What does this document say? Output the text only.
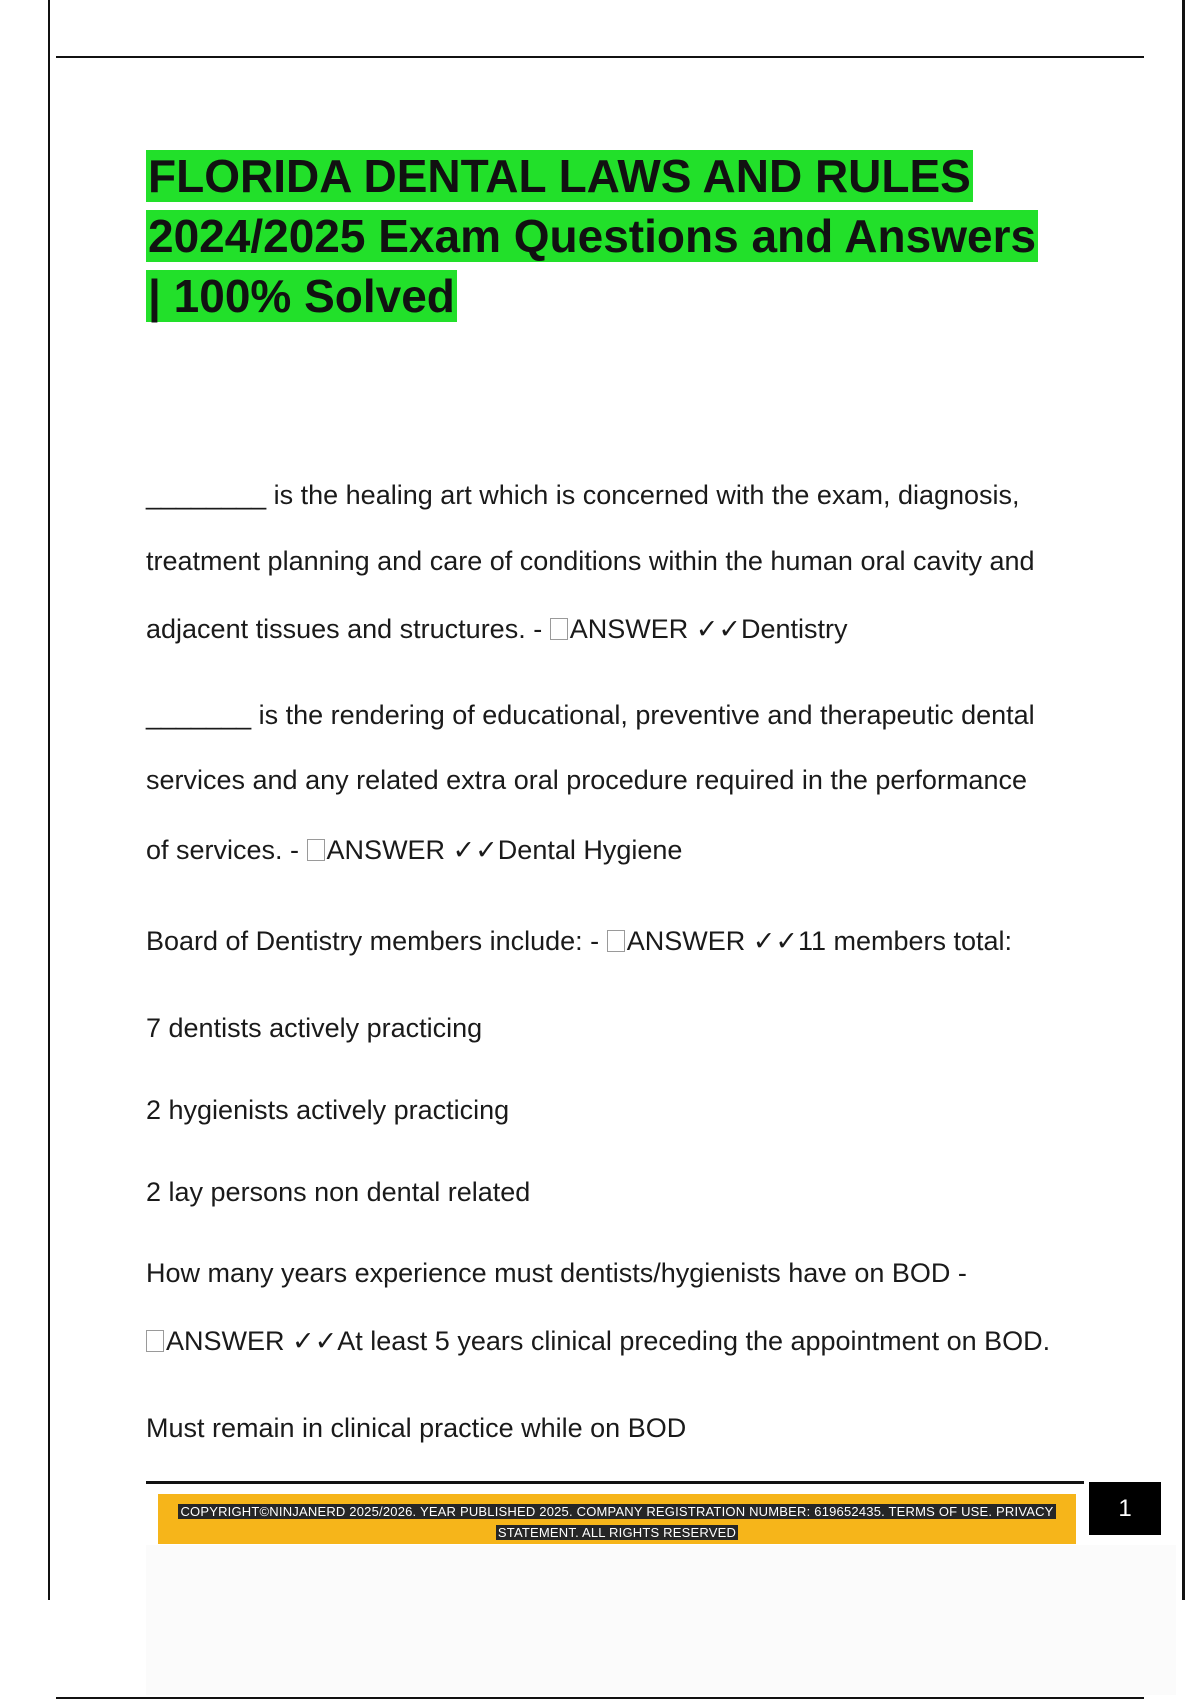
FLORIDA DENTAL LAWS AND RULES
2024/2025 Exam Questions and Answers
| 100% Solved
________ is the healing art which is concerned with the exam, diagnosis,
treatment planning and care of conditions within the human oral cavity and
adjacent tissues and structures. - ANSWER ✓✓Dentistry
_______ is the rendering of educational, preventive and therapeutic dental
services and any related extra oral procedure required in the performance
of services. - ANSWER ✓✓Dental Hygiene
Board of Dentistry members include: - ANSWER ✓✓11 members total:
7 dentists actively practicing
2 hygienists actively practicing
2 lay persons non dental related
How many years experience must dentists/hygienists have on BOD -
ANSWER ✓✓At least 5 years clinical preceding the appointment on BOD.
Must remain in clinical practice while on BOD
COPYRIGHT©NINJANERD 2025/2026. YEAR PUBLISHED 2025. COMPANY REGISTRATION NUMBER: 619652435. TERMS OF USE. PRIVACY
STATEMENT. ALL RIGHTS RESERVED
1
